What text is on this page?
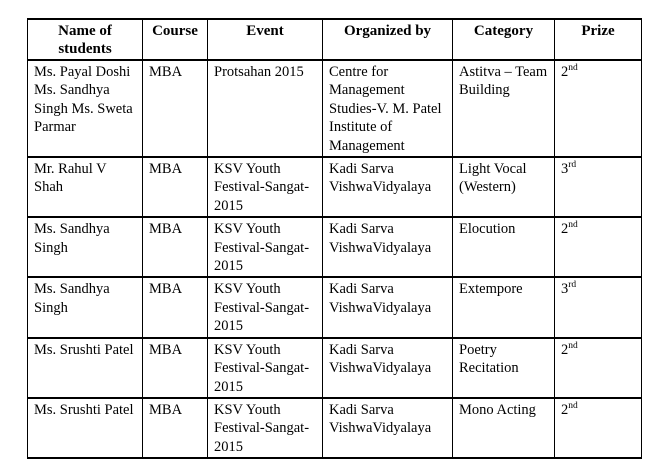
Name of students	Course	Event	Organized by	Category	Prize
Ms. Payal Doshi Ms. Sandhya Singh Ms. Sweta Parmar	MBA	Protsahan 2015	Centre for Management Studies-V. M. Patel Institute of Management	Astitva – Team Building	2nd
Mr. Rahul V Shah	MBA	KSV Youth Festival-Sangat-2015	Kadi Sarva VishwaVidyalaya	Light Vocal (Western)	3rd
Ms. Sandhya Singh	MBA	KSV Youth Festival-Sangat-2015	Kadi Sarva VishwaVidyalaya	Elocution	2nd
Ms. Sandhya Singh	MBA	KSV Youth Festival-Sangat-2015	Kadi Sarva VishwaVidyalaya	Extempore	3rd
Ms. Srushti Patel	MBA	KSV Youth Festival-Sangat-2015	Kadi Sarva VishwaVidyalaya	Poetry Recitation	2nd
Ms. Srushti Patel	MBA	KSV Youth Festival-Sangat-2015	Kadi Sarva VishwaVidyalaya	Mono Acting	2nd
